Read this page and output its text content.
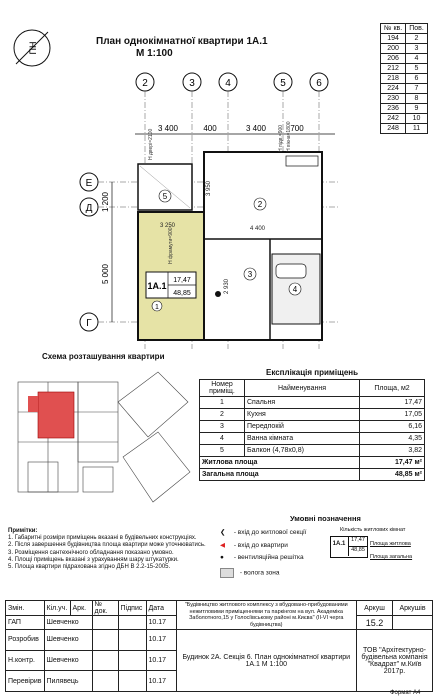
ПН
План однокімнатної квартири 1А.1
М 1:100
№ кв.	Пов.
194	2
200	3
206	4
212	5
218	6
224	7
230	8
236	9
242	10
248	11
2	3	4	5	6
Е
Д
Г
3 400	400	3 400	700
1 200
5 000
5
2
3
4
3 250	4 400
3 950
2 930
1А.1
17,47
48,85
1
Н двері=2100
Н фрамуги=900
Н вікна=1800
Н підв.=900
Схема розташування квартири
Експлікація приміщень
Номер приміщ.	Найменування	Площа, м2
1	Спальня	17,47
2	Кухня	17,05
3	Передпокій	6,16
4	Ванна кімната	4,35
5	Балкон (4,78х0,8)	3,82
Житлова площа		17,47 м²
Загальна площа		48,85 м²
Примітки:
1. Габаритні розміри приміщень вказані в будівельних конструкціях.
2. Після завершення будівництва площа квартири може уточнюватись.
3. Розміщення сантехнічного обладнання показано умовно.
4. Площі приміщень вказані з урахуванням шару штукатурки.
5. Площа квартири підрахована згідно ДБН В 2.2-15-2005.
Умовні позначення
❮ - вхід до житлової секції
◀ - вхід до квартири
● - вентиляційна решітка
- волога зона
1А.1
17,47
48,85
Кількість житлових кімнат
Площа житлова
Площа загальна
Змін.	Кіл.уч.	Арк.	№ док.	Підпис	Дата	"Будівництво житлового комплексу з вбудовано-прибудованими нежитловими приміщеннями та паркінгом на вул. Академіка Заболотного,15 у Голосіївському районі м.Києва" (ІІ-VI черга будівництва)	Аркуш	Аркушів
ГАП	Шевченко				10.17		15.2	
Розробив	Шевченко				10.17	Будинок 2А. Секція 6. План однокімнатної квартири 1А.1 М 1:100	ТОВ "Архітектурно-будівельна компанія "Квадрат" м.Київ 2017р.	
Н.контр.	Шевченко				10.17			
Перевірив	Пилявець				10.17			
Формат А4
